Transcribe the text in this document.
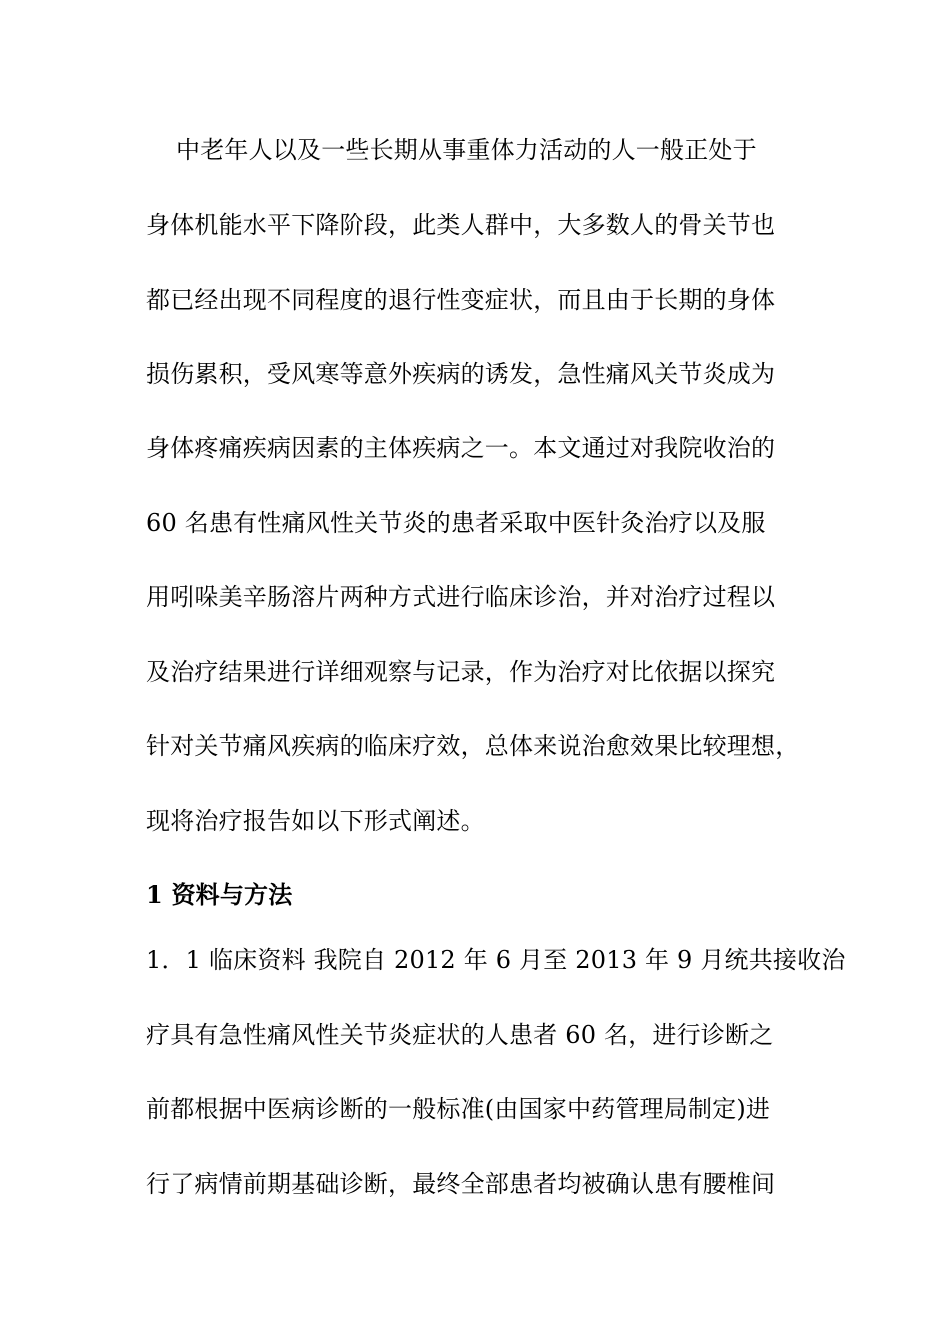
中老年人以及一些长期从事重体力活动的人一般正处于
身体机能水平下降阶段，此类人群中，大多数人的骨关节也
都已经出现不同程度的退行性变症状，而且由于长期的身体
损伤累积，受风寒等意外疾病的诱发，急性痛风关节炎成为
身体疼痛疾病因素的主体疾病之一。本文通过对我院收治的
60 名患有性痛风性关节炎的患者采取中医针灸治疗以及服
用吲哚美辛肠溶片两种方式进行临床诊治，并对治疗过程以
及治疗结果进行详细观察与记录，作为治疗对比依据以探究
针对关节痛风疾病的临床疗效，总体来说治愈效果比较理想，
现将治疗报告如以下形式阐述。
1 资料与方法
1．1 临床资料 我院自 2012 年 6 月至 2013 年 9 月统共接收治
疗具有急性痛风性关节炎症状的人患者 60 名，进行诊断之
前都根据中医病诊断的一般标准(由国家中药管理局制定)进
行了病情前期基础诊断，最终全部患者均被确认患有腰椎间
